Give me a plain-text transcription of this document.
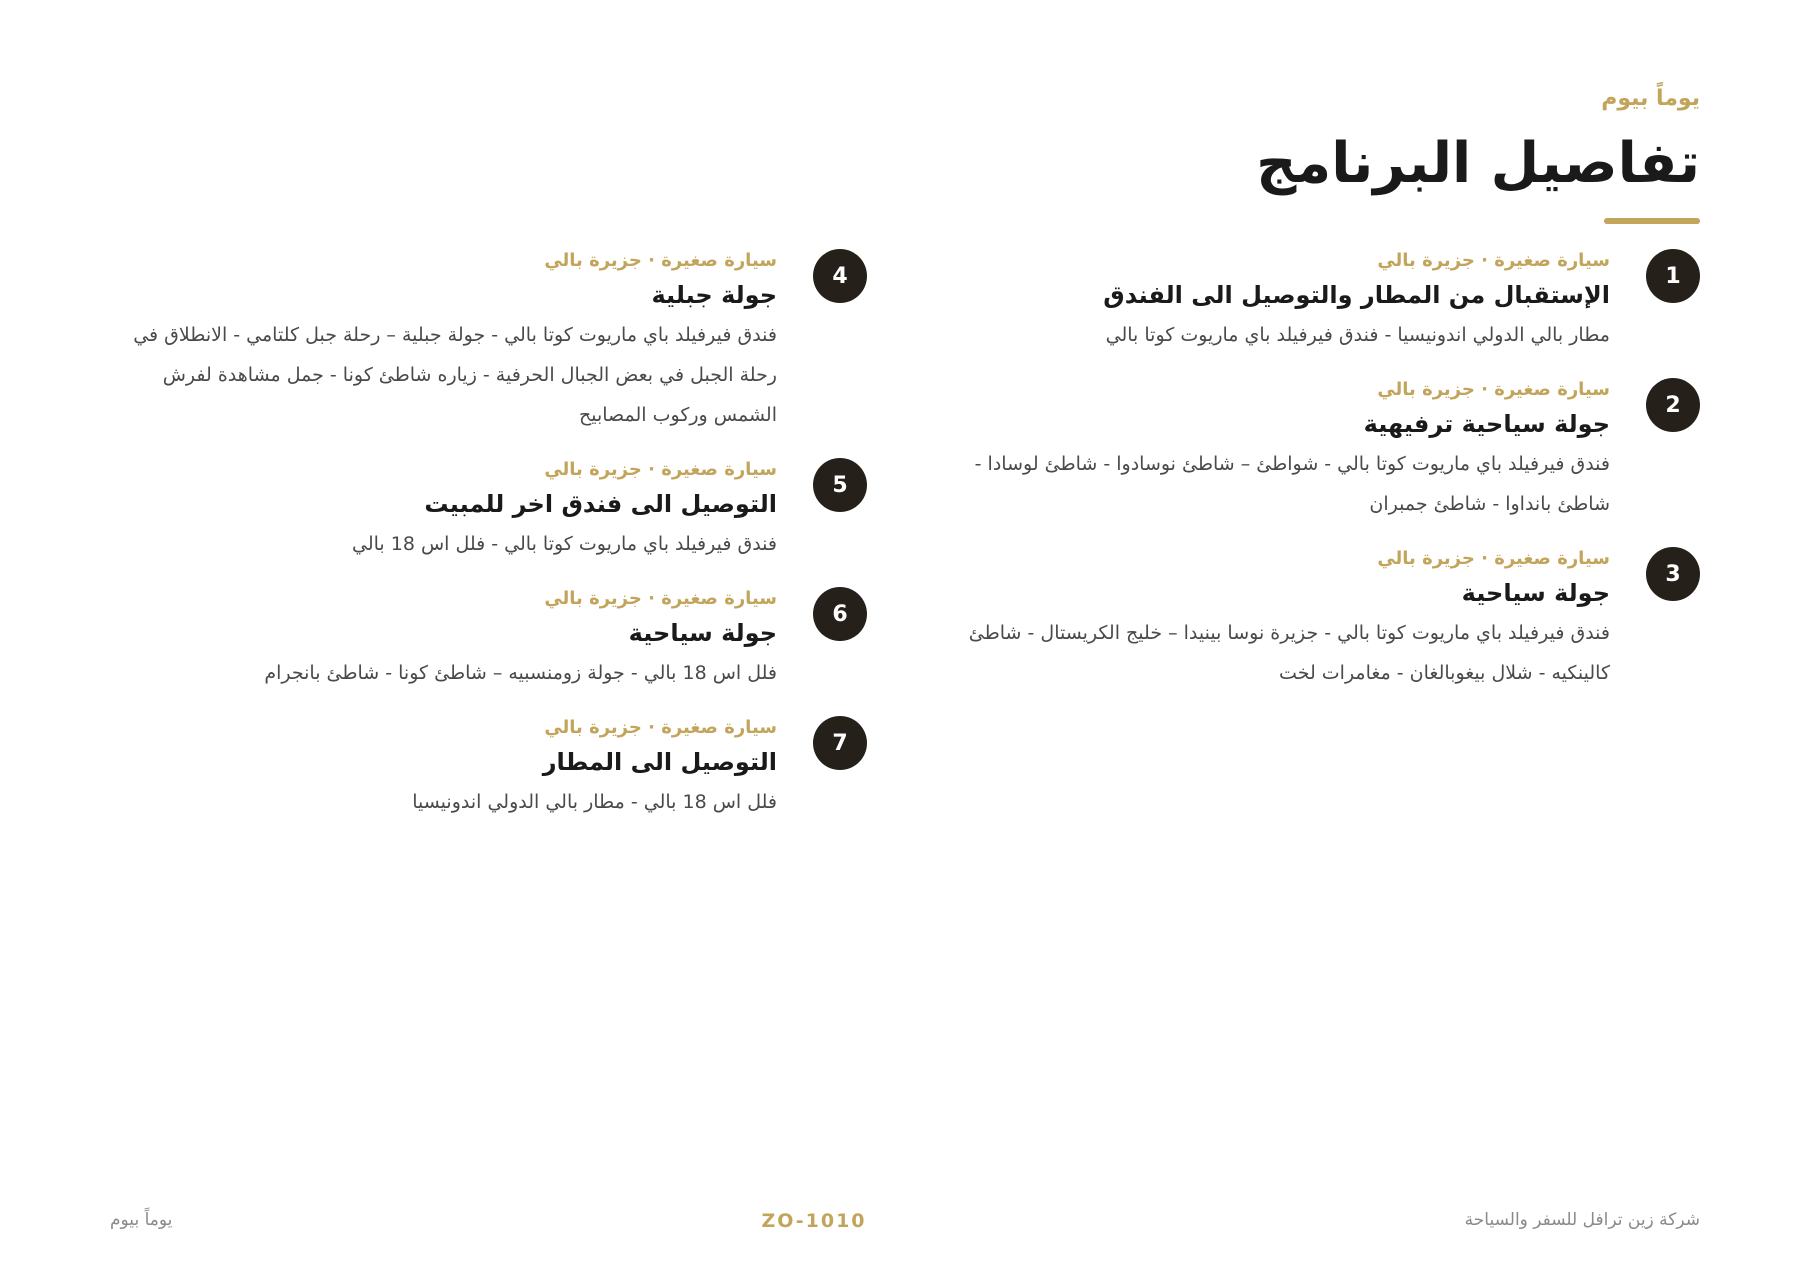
يوماً بيوم

تفاصيل البرنامج
1

سيارة صغيرة · جزيرة بالي

الإستقبال من المطار والتوصيل الى الفندق

مطار بالي الدولي اندونيسيا - فندق فيرفيلد باي ماريوت كوتا بالي

2

سيارة صغيرة · جزيرة بالي

جولة سياحية ترفيهية

فندق فيرفيلد باي ماريوت كوتا بالي - شواطئ – شاطئ نوسادوا - شاطئ لوسادا - شاطئ بانداوا - شاطئ جمبران

3

سيارة صغيرة · جزيرة بالي

جولة سياحية

فندق فيرفيلد باي ماريوت كوتا بالي - جزيرة نوسا بينيدا – خليج الكريستال - شاطئ كالينكيه - شلال بيغوبالغان - مغامرات لخت

4

سيارة صغيرة · جزيرة بالي

جولة جبلية

فندق فيرفيلد باي ماريوت كوتا بالي - جولة جبلية – رحلة جبل كلتامي - الانطلاق في رحلة الجبل في بعض الجبال الحرفية - زياره شاطئ كونا - جمل مشاهدة لفرش الشمس وركوب المصابيح

5

سيارة صغيرة · جزيرة بالي

التوصيل الى فندق اخر للمبيت

فندق فيرفيلد باي ماريوت كوتا بالي - فلل اس 18 بالي

6

سيارة صغيرة · جزيرة بالي

جولة سياحية

فلل اس 18 بالي - جولة زومنسبيه – شاطئ كونا - شاطئ بانجرام

7

سيارة صغيرة · جزيرة بالي

التوصيل الى المطار

فلل اس 18 بالي - مطار بالي الدولي اندونيسيا

شركة زين ترافل للسفر والسياحة

ZO-1010

يوماً بيوم
